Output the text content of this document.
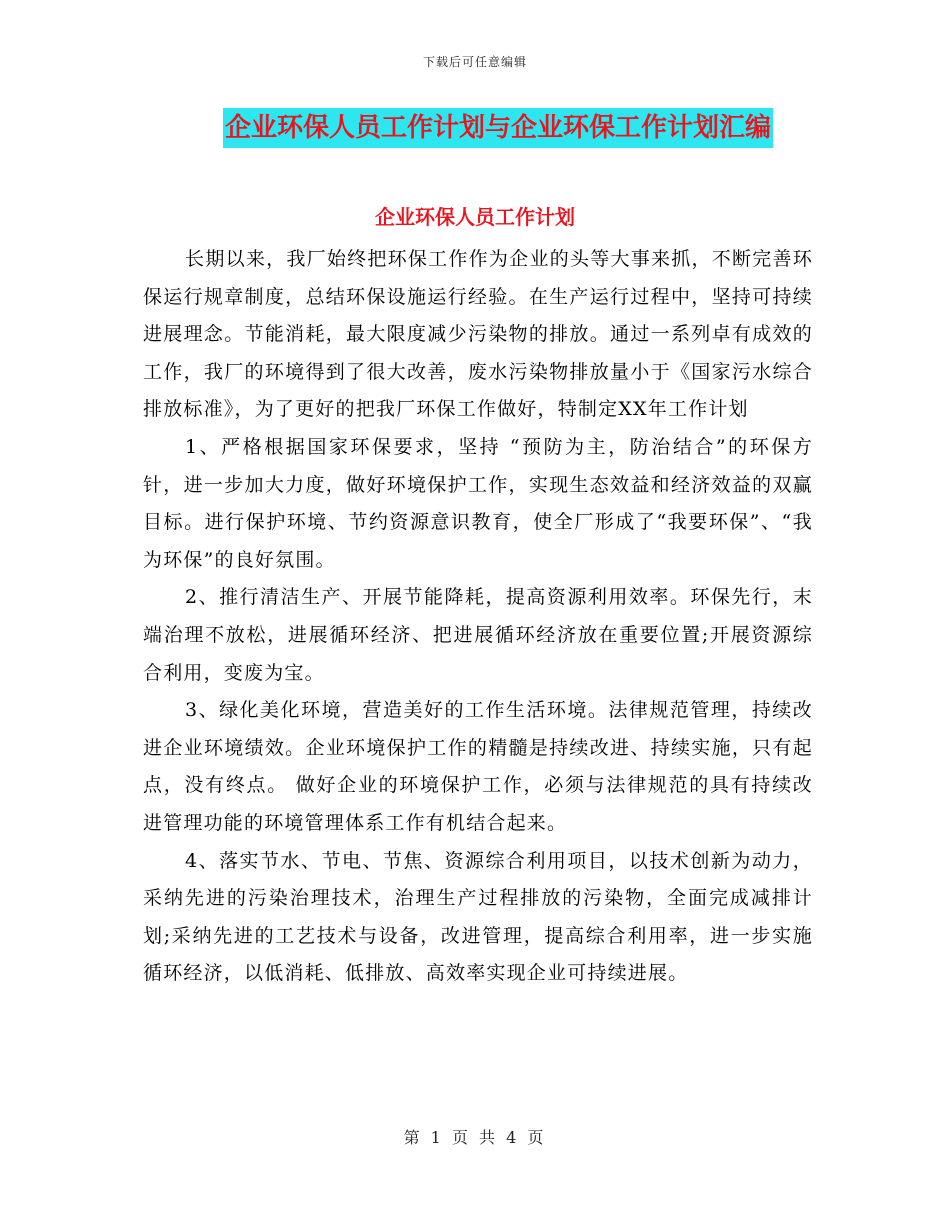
下载后可任意编辑
企业环保人员工作计划与企业环保工作计划汇编
企业环保人员工作计划

长期以来，我厂始终把环保工作作为企业的头等大事来抓，不断完善环保运行规章制度，总结环保设施运行经验。在生产运行过程中，坚持可持续进展理念。节能消耗，最大限度减少污染物的排放。通过一系列卓有成效的工作，我厂的环境得到了很大改善，废水污染物排放量小于《国家污水综合排放标准》，为了更好的把我厂环保工作做好，特制定XX年工作计划

1、严格根据国家环保要求，坚持 “预防为主，防治结合”的环保方针，进一步加大力度，做好环境保护工作，实现生态效益和经济效益的双赢目标。进行保护环境、节约资源意识教育，使全厂形成了“我要环保”、“我为环保”的良好氛围。

2、推行清洁生产、开展节能降耗，提高资源利用效率。环保先行，末端治理不放松，进展循环经济、把进展循环经济放在重要位置;开展资源综合利用，变废为宝。

3、绿化美化环境，营造美好的工作生活环境。法律规范管理，持续改进企业环境绩效。企业环境保护工作的精髓是持续改进、持续实施，只有起点，没有终点。 做好企业的环境保护工作，必须与法律规范的具有持续改进管理功能的环境管理体系工作有机结合起来。

4、落实节水、节电、节焦、资源综合利用项目，以技术创新为动力，采纳先进的污染治理技术，治理生产过程排放的污染物，全面完成减排计划;采纳先进的工艺技术与设备，改进管理，提高综合利用率，进一步实施循环经济，以低消耗、低排放、高效率实现企业可持续进展。

第 1 页 共 4 页
